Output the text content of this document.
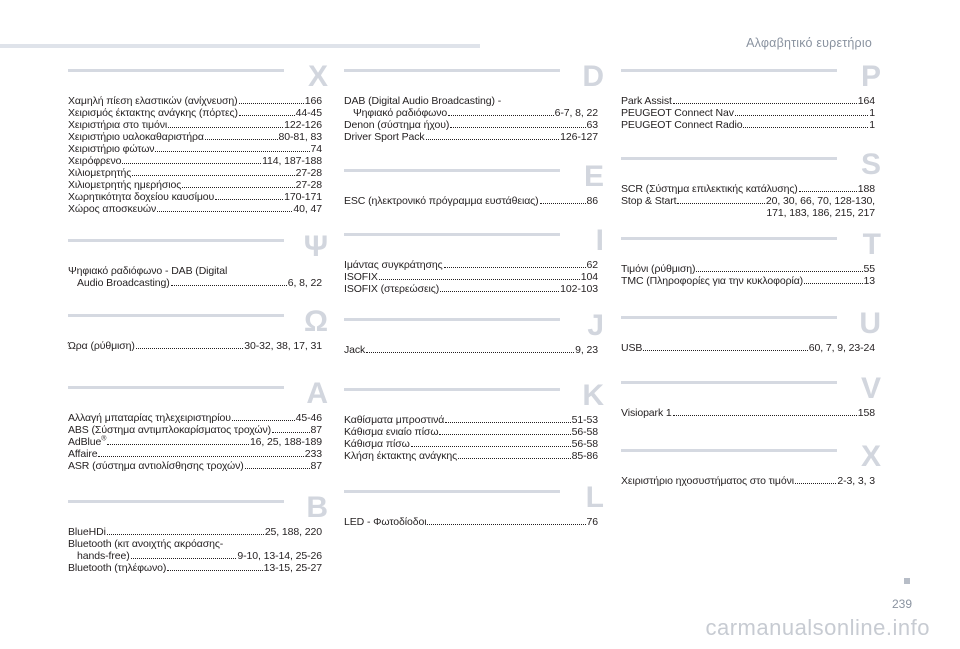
Αλφαβητικό ευρετήριο
X
Χαμηλή πίεση ελαστικών (ανίχνευση)	166
Χειρισμός έκτακτης ανάγκης (πόρτες)	44-45
Χειριστήρια στο τιμόνι	122-126
Χειριστήριο υαλοκαθαριστήρα	80-81, 83
Χειριστήριο φώτων	74
Χειρόφρενο	114, 187-188
Χιλιομετρητής	27-28
Χιλιομετρητής ημερήσιος	27-28
Χωρητικότητα δοχείου καυσίμου	170-171
Χώρος αποσκευών	40, 47
Ψ
Ψηφιακό ραδιόφωνο - DAB (Digital
Audio Broadcasting)	6, 8, 22
Ω
Ώρα (ρύθμιση)	30-32, 38, 17, 31
A
Αλλαγή μπαταρίας τηλεχειριστηρίου	45-46
ABS (Σύστημα αντιμπλοκαρίσματος τροχών)	87
AdBlue®	16, 25, 188-189
Affaire	233
ASR (σύστημα αντιολίσθησης τροχών)	87
B
BlueHDi	25, 188, 220
Bluetooth (κιτ ανοιχτής ακρόασης-
hands-free)	9-10, 13-14, 25-26
Bluetooth (τηλέφωνο)	13-15, 25-27
D
DAB (Digital Audio Broadcasting) -
Ψηφιακό ραδιόφωνο	6-7, 8, 22
Denon (σύστημα ήχου)	63
Driver Sport Pack	126-127
E
ESC (ηλεκτρονικό πρόγραμμα ευστάθειας)	86
I
Ιμάντας συγκράτησης	62
ISOFIX	104
ISOFIX (στερεώσεις)	102-103
J
Jack	9, 23
K
Καθίσματα μπροστινά	51-53
Κάθισμα ενιαίο πίσω	56-58
Κάθισμα πίσω	56-58
Κλήση έκτακτης ανάγκης	85-86
L
LED - Φωτοδίοδοι	76
P
Park Assist	164
PEUGEOT Connect Nav	1
PEUGEOT Connect Radio	1
S
SCR (Σύστημα επιλεκτικής κατάλυσης)	188
Stop & Start	20, 30, 66, 70, 128-130,
171, 183, 186, 215, 217
T
Τιμόνι (ρύθμιση)	55
TMC (Πληροφορίες για την κυκλοφορία)	13
U
USB	60, 7, 9, 23-24
V
Visiopark 1	158
X
Χειριστήριο ηχοσυστήματος στο τιμόνι	2-3, 3, 3
239
carmanualsonline.info
